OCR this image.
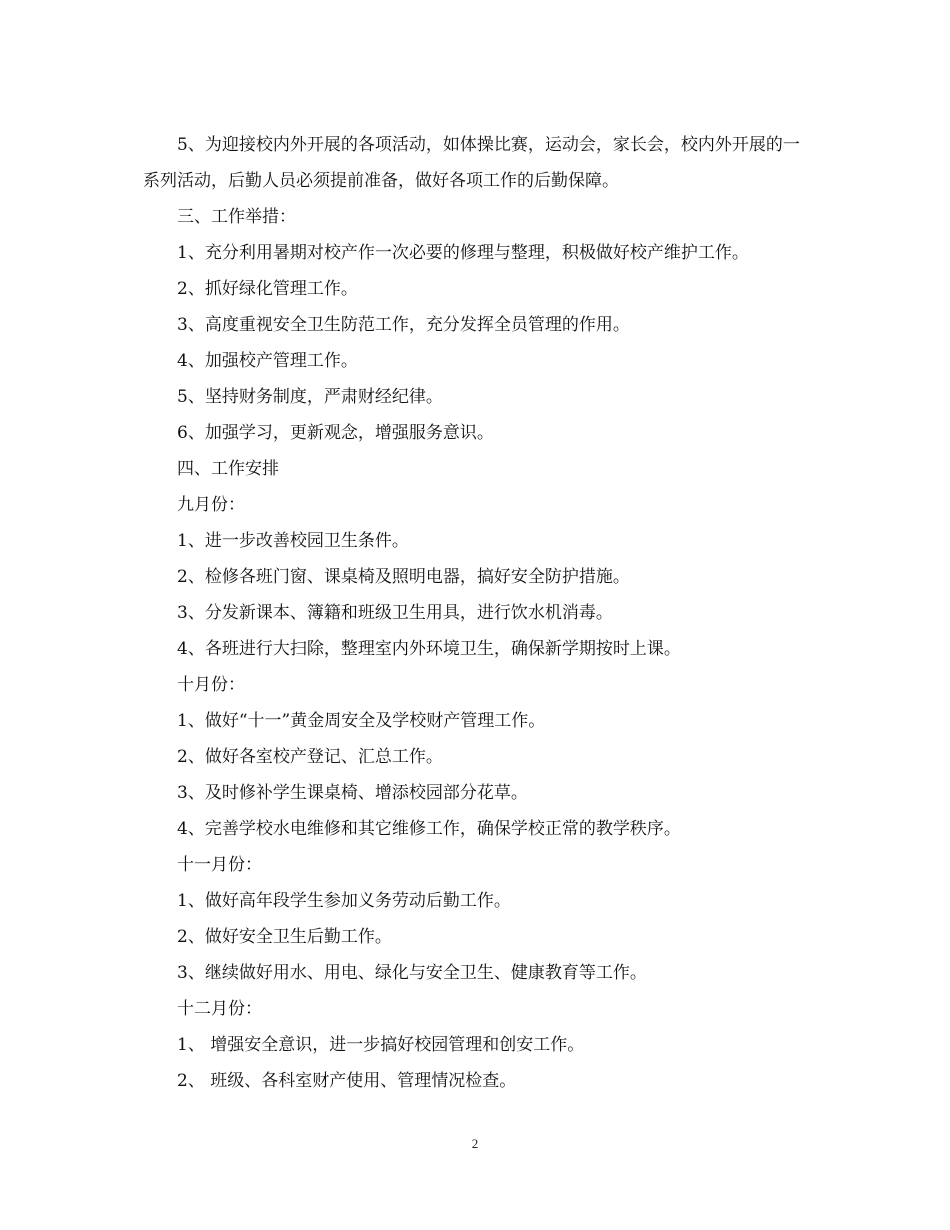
5、为迎接校内外开展的各项活动，如体操比赛，运动会，家长会，校内外开展的一系列活动，后勤人员必须提前准备，做好各项工作的后勤保障。

三、工作举措：

1、充分利用暑期对校产作一次必要的修理与整理，积极做好校产维护工作。

2、抓好绿化管理工作。

3、高度重视安全卫生防范工作，充分发挥全员管理的作用。

4、加强校产管理工作。

5、坚持财务制度，严肃财经纪律。

6、加强学习，更新观念，增强服务意识。

四、工作安排

九月份：

1、进一步改善校园卫生条件。

2、检修各班门窗、课桌椅及照明电器，搞好安全防护措施。

3、分发新课本、簿籍和班级卫生用具，进行饮水机消毒。

4、各班进行大扫除，整理室内外环境卫生，确保新学期按时上课。

十月份：

1、做好“十一”黄金周安全及学校财产管理工作。

2、做好各室校产登记、汇总工作。

3、及时修补学生课桌椅、增添校园部分花草。

4、完善学校水电维修和其它维修工作，确保学校正常的教学秩序。

十一月份：

1、做好高年段学生参加义务劳动后勤工作。

2、做好安全卫生后勤工作。

3、继续做好用水、用电、绿化与安全卫生、健康教育等工作。

十二月份：

1、 增强安全意识，进一步搞好校园管理和创安工作。

2、 班级、各科室财产使用、管理情况检查。

2
